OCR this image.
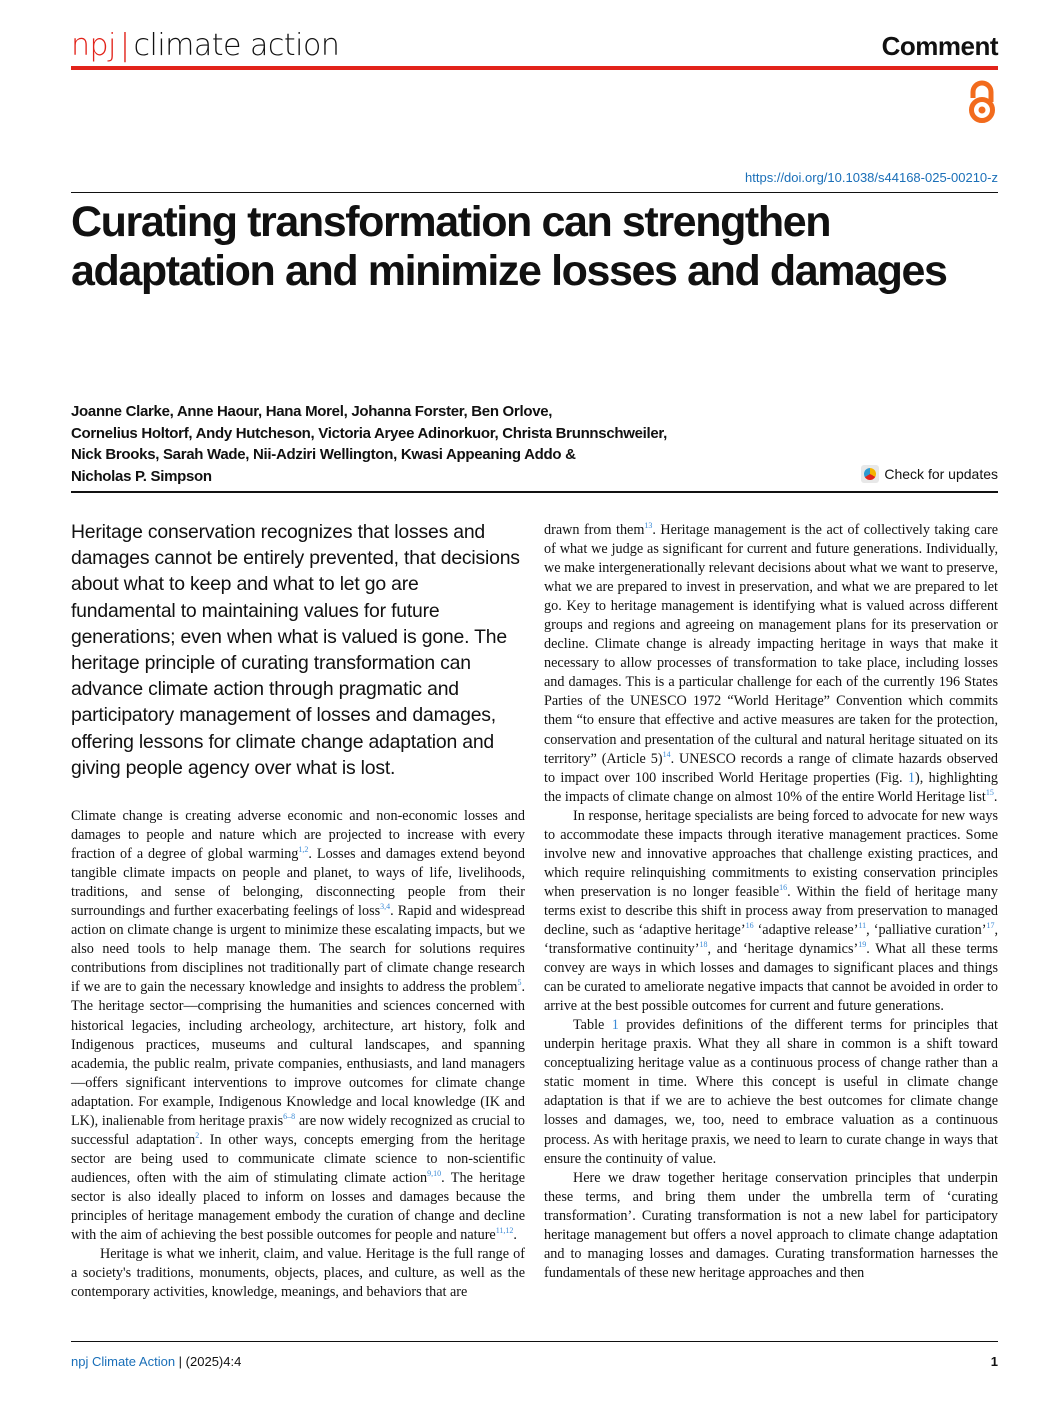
npj | climate action	Comment
https://doi.org/10.1038/s44168-025-00210-z
Curating transformation can strengthen adaptation and minimize losses and damages
Joanne Clarke, Anne Haour, Hana Morel, Johanna Forster, Ben Orlove,
Cornelius Holtorf, Andy Hutcheson, Victoria Aryee Adinorkuor, Christa Brunnschweiler,
Nick Brooks, Sarah Wade, Nii-Adziri Wellington, Kwasi Appeaning Addo &
Nicholas P. Simpson	Check for updates

Heritage conservation recognizes that losses and damages cannot be entirely prevented, that decisions about what to keep and what to let go are fundamental to maintaining values for future generations; even when what is valued is gone. The heritage principle of curating transformation can advance climate action through pragmatic and participatory management of losses and damages, offering lessons for climate change adaptation and giving people agency over what is lost.

Climate change is creating adverse economic and non-economic losses and damages to people and nature which are projected to increase with every fraction of a degree of global warming$^{1,2}$. Losses and damages extend beyond tangible climate impacts on people and planet, to ways of life, livelihoods, traditions, and sense of belonging, disconnecting people from their surroundings and further exacerbating feelings of loss$^{3,4}$. Rapid and widespread action on climate change is urgent to minimize these escalating impacts, but we also need tools to help manage them. The search for solutions requires contributions from disciplines not traditionally part of climate change research if we are to gain the necessary knowledge and insights to address the problem$^5$. The heritage sector—comprising the humanities and sciences concerned with historical legacies, including archeology, architecture, art history, folk and Indigenous practices, museums and cultural landscapes, and spanning academia, the public realm, private companies, enthusiasts, and land managers—offers significant interventions to improve outcomes for climate change adaptation. For example, Indigenous Knowledge and local knowledge (IK and LK), inalienable from heritage praxis$^{6-8}$ are now widely recognized as crucial to successful adaptation$^2$. In other ways, concepts emerging from the heritage sector are being used to communicate climate science to non-scientific audiences, often with the aim of stimulating climate action$^{9,10}$. The heritage sector is also ideally placed to inform on losses and damages because the principles of heritage management embody the curation of change and decline with the aim of achieving the best possible outcomes for people and nature$^{11,12}$.

Heritage is what we inherit, claim, and value. Heritage is the full range of a society's traditions, monuments, objects, places, and culture, as well as the contemporary activities, knowledge, meanings, and behaviors that are

drawn from them$^{13}$. Heritage management is the act of collectively taking care of what we judge as significant for current and future generations. Individually, we make intergenerationally relevant decisions about what we want to preserve, what we are prepared to invest in preservation, and what we are prepared to let go. Key to heritage management is identifying what is valued across different groups and regions and agreeing on management plans for its preservation or decline. Climate change is already impacting heritage in ways that make it necessary to allow processes of transformation to take place, including losses and damages. This is a particular challenge for each of the currently 196 States Parties of the UNESCO 1972 “World Heritage” Convention which commits them “to ensure that effective and active measures are taken for the protection, conservation and presentation of the cultural and natural heritage situated on its territory” (Article 5)$^{14}$. UNESCO records a range of climate hazards observed to impact over 100 inscribed World Heritage properties (Fig. 1), highlighting the impacts of climate change on almost 10% of the entire World Heritage list$^{15}$.

In response, heritage specialists are being forced to advocate for new ways to accommodate these impacts through iterative management practices. Some involve new and innovative approaches that challenge existing practices, and which require relinquishing commitments to existing conservation principles when preservation is no longer feasible$^{16}$. Within the field of heritage many terms exist to describe this shift in process away from preservation to managed decline, such as ‘adaptive heritage’$^{16}$ ‘adaptive release’$^{11}$, ‘palliative curation’$^{17}$, ‘transformative continuity’$^{18}$, and ‘heritage dynamics’$^{19}$. What all these terms convey are ways in which losses and damages to significant places and things can be curated to ameliorate negative impacts that cannot be avoided in order to arrive at the best possible outcomes for current and future generations.

Table 1 provides definitions of the different terms for principles that underpin heritage praxis. What they all share in common is a shift toward conceptualizing heritage value as a continuous process of change rather than a static moment in time. Where this concept is useful in climate change adaptation is that if we are to achieve the best outcomes for climate change losses and damages, we, too, need to embrace valuation as a continuous process. As with heritage praxis, we need to learn to curate change in ways that ensure the continuity of value.

Here we draw together heritage conservation principles that underpin these terms, and bring them under the umbrella term of ‘curating transformation’. Curating transformation is not a new label for participatory heritage management but offers a novel approach to climate change adaptation and to managing losses and damages. Curating transformation harnesses the fundamentals of these new heritage approaches and then

npj Climate Action | (2025)4:4	1
